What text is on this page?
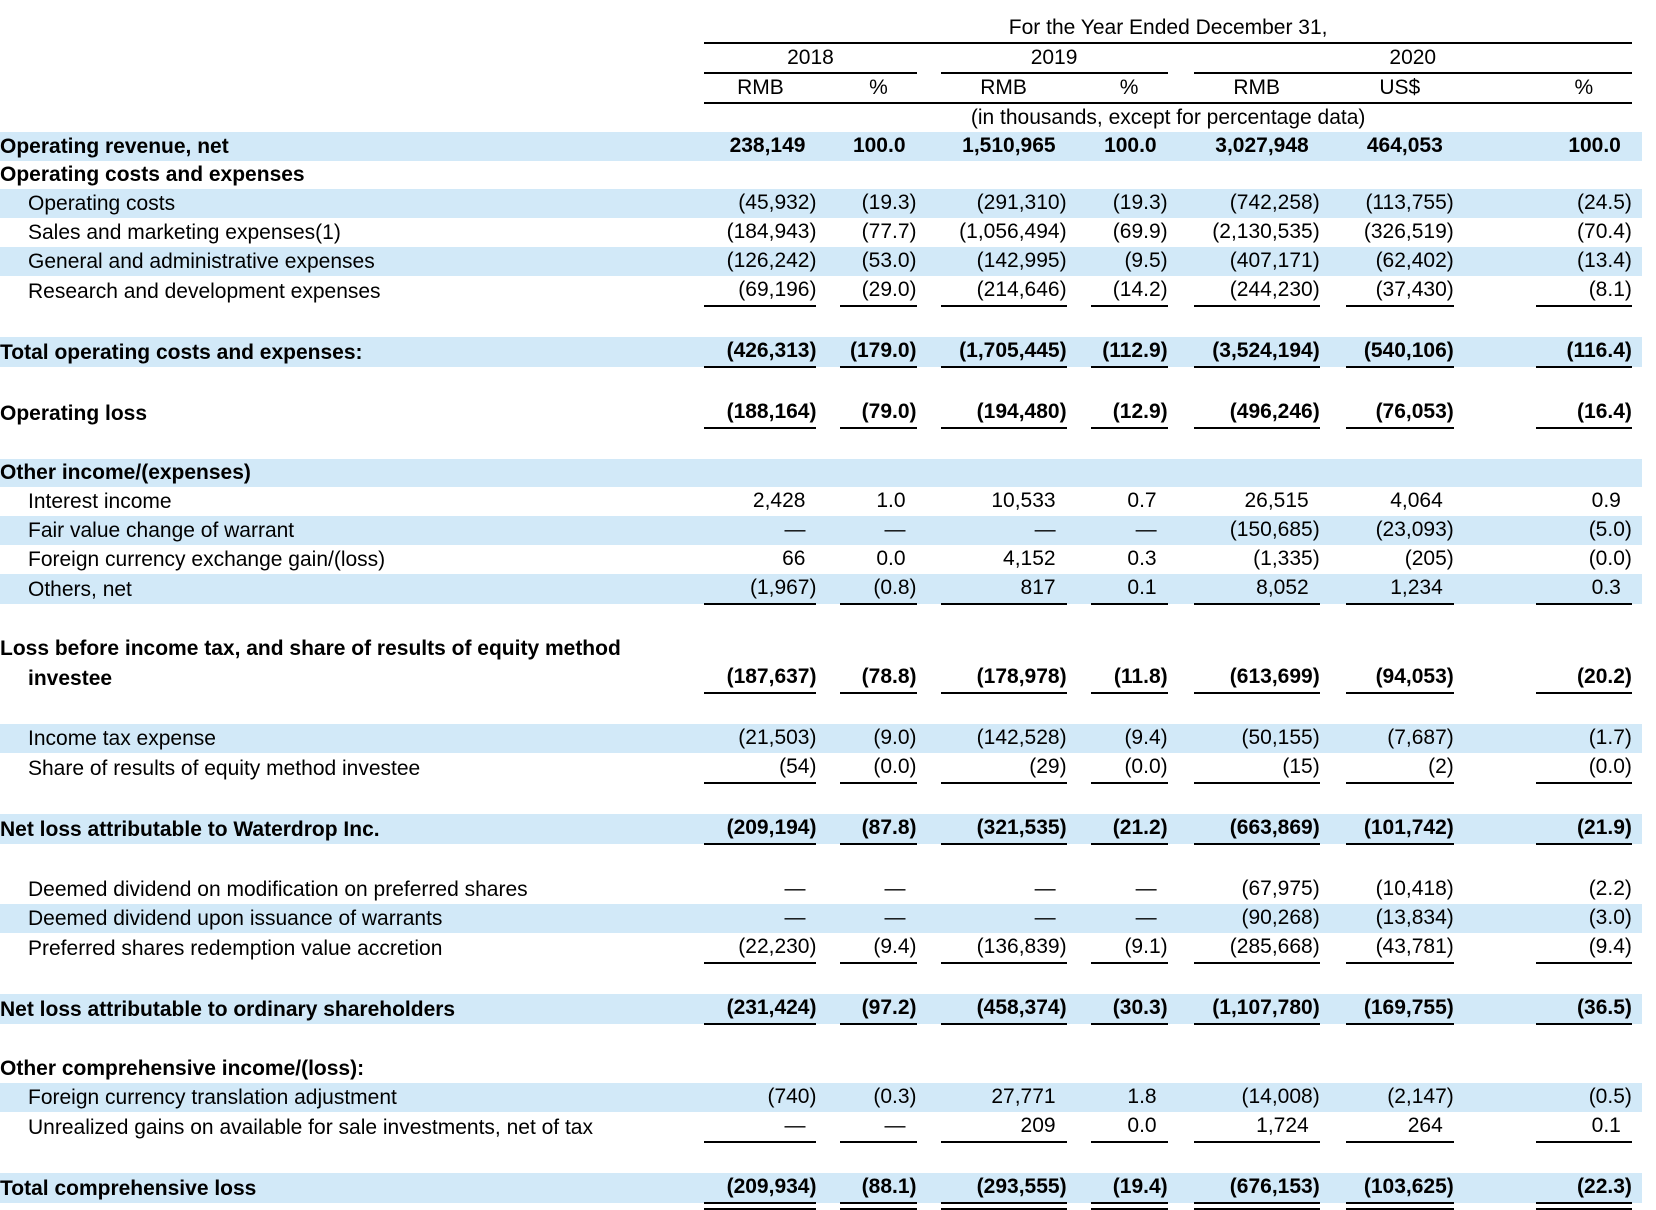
	For the Year Ended December 31,													
	2018				2019				2020					
	RMB		%		RMB		%		RMB		US$		%	
	(in thousands, except for percentage data)													
Operating revenue, net	238,149		100.0		1,510,965		100.0		3,027,948		464,053		100.0	
Operating costs and expenses														
Operating costs	(45,932)		(19.3)		(291,310)		(19.3)		(742,258)		(113,755)		(24.5)	
Sales and marketing expenses(1)	(184,943)		(77.7)		(1,056,494)		(69.9)		(2,130,535)		(326,519)		(70.4)	
General and administrative expenses	(126,242)		(53.0)		(142,995)		(9.5)		(407,171)		(62,402)		(13.4)	
Research and development expenses	(69,196)		(29.0)		(214,646)		(14.2)		(244,230)		(37,430)		(8.1)	

Total operating costs and expenses:	(426,313)		(179.0)		(1,705,445)		(112.9)		(3,524,194)		(540,106)		(116.4)	

Operating loss	(188,164)		(79.0)		(194,480)		(12.9)		(496,246)		(76,053)		(16.4)	

Other income/(expenses)														
Interest income	2,428		1.0		10,533		0.7		26,515		4,064		0.9	
Fair value change of warrant	—		—		—		—		(150,685)		(23,093)		(5.0)	
Foreign currency exchange gain/(loss)	66		0.0		4,152		0.3		(1,335)		(205)		(0.0)	
Others, net	(1,967)		(0.8)		817		0.1		8,052		1,234		0.3	

Loss before income tax, and share of results of equity method														
investee	(187,637)		(78.8)		(178,978)		(11.8)		(613,699)		(94,053)		(20.2)	

Income tax expense	(21,503)		(9.0)		(142,528)		(9.4)		(50,155)		(7,687)		(1.7)	
Share of results of equity method investee	(54)		(0.0)		(29)		(0.0)		(15)		(2)		(0.0)	

Net loss attributable to Waterdrop Inc.	(209,194)		(87.8)		(321,535)		(21.2)		(663,869)		(101,742)		(21.9)	

Deemed dividend on modification on preferred shares	—		—		—		—		(67,975)		(10,418)		(2.2)	
Deemed dividend upon issuance of warrants	—		—		—		—		(90,268)		(13,834)		(3.0)	
Preferred shares redemption value accretion	(22,230)		(9.4)		(136,839)		(9.1)		(285,668)		(43,781)		(9.4)	

Net loss attributable to ordinary shareholders	(231,424)		(97.2)		(458,374)		(30.3)		(1,107,780)		(169,755)		(36.5)	

Other comprehensive income/(loss):														
Foreign currency translation adjustment	(740)		(0.3)		27,771		1.8		(14,008)		(2,147)		(0.5)	
Unrealized gains on available for sale investments, net of tax	—		—		209		0.0		1,724		264		0.1	

Total comprehensive loss	(209,934)		(88.1)		(293,555)		(19.4)		(676,153)		(103,625)		(22.3)	
